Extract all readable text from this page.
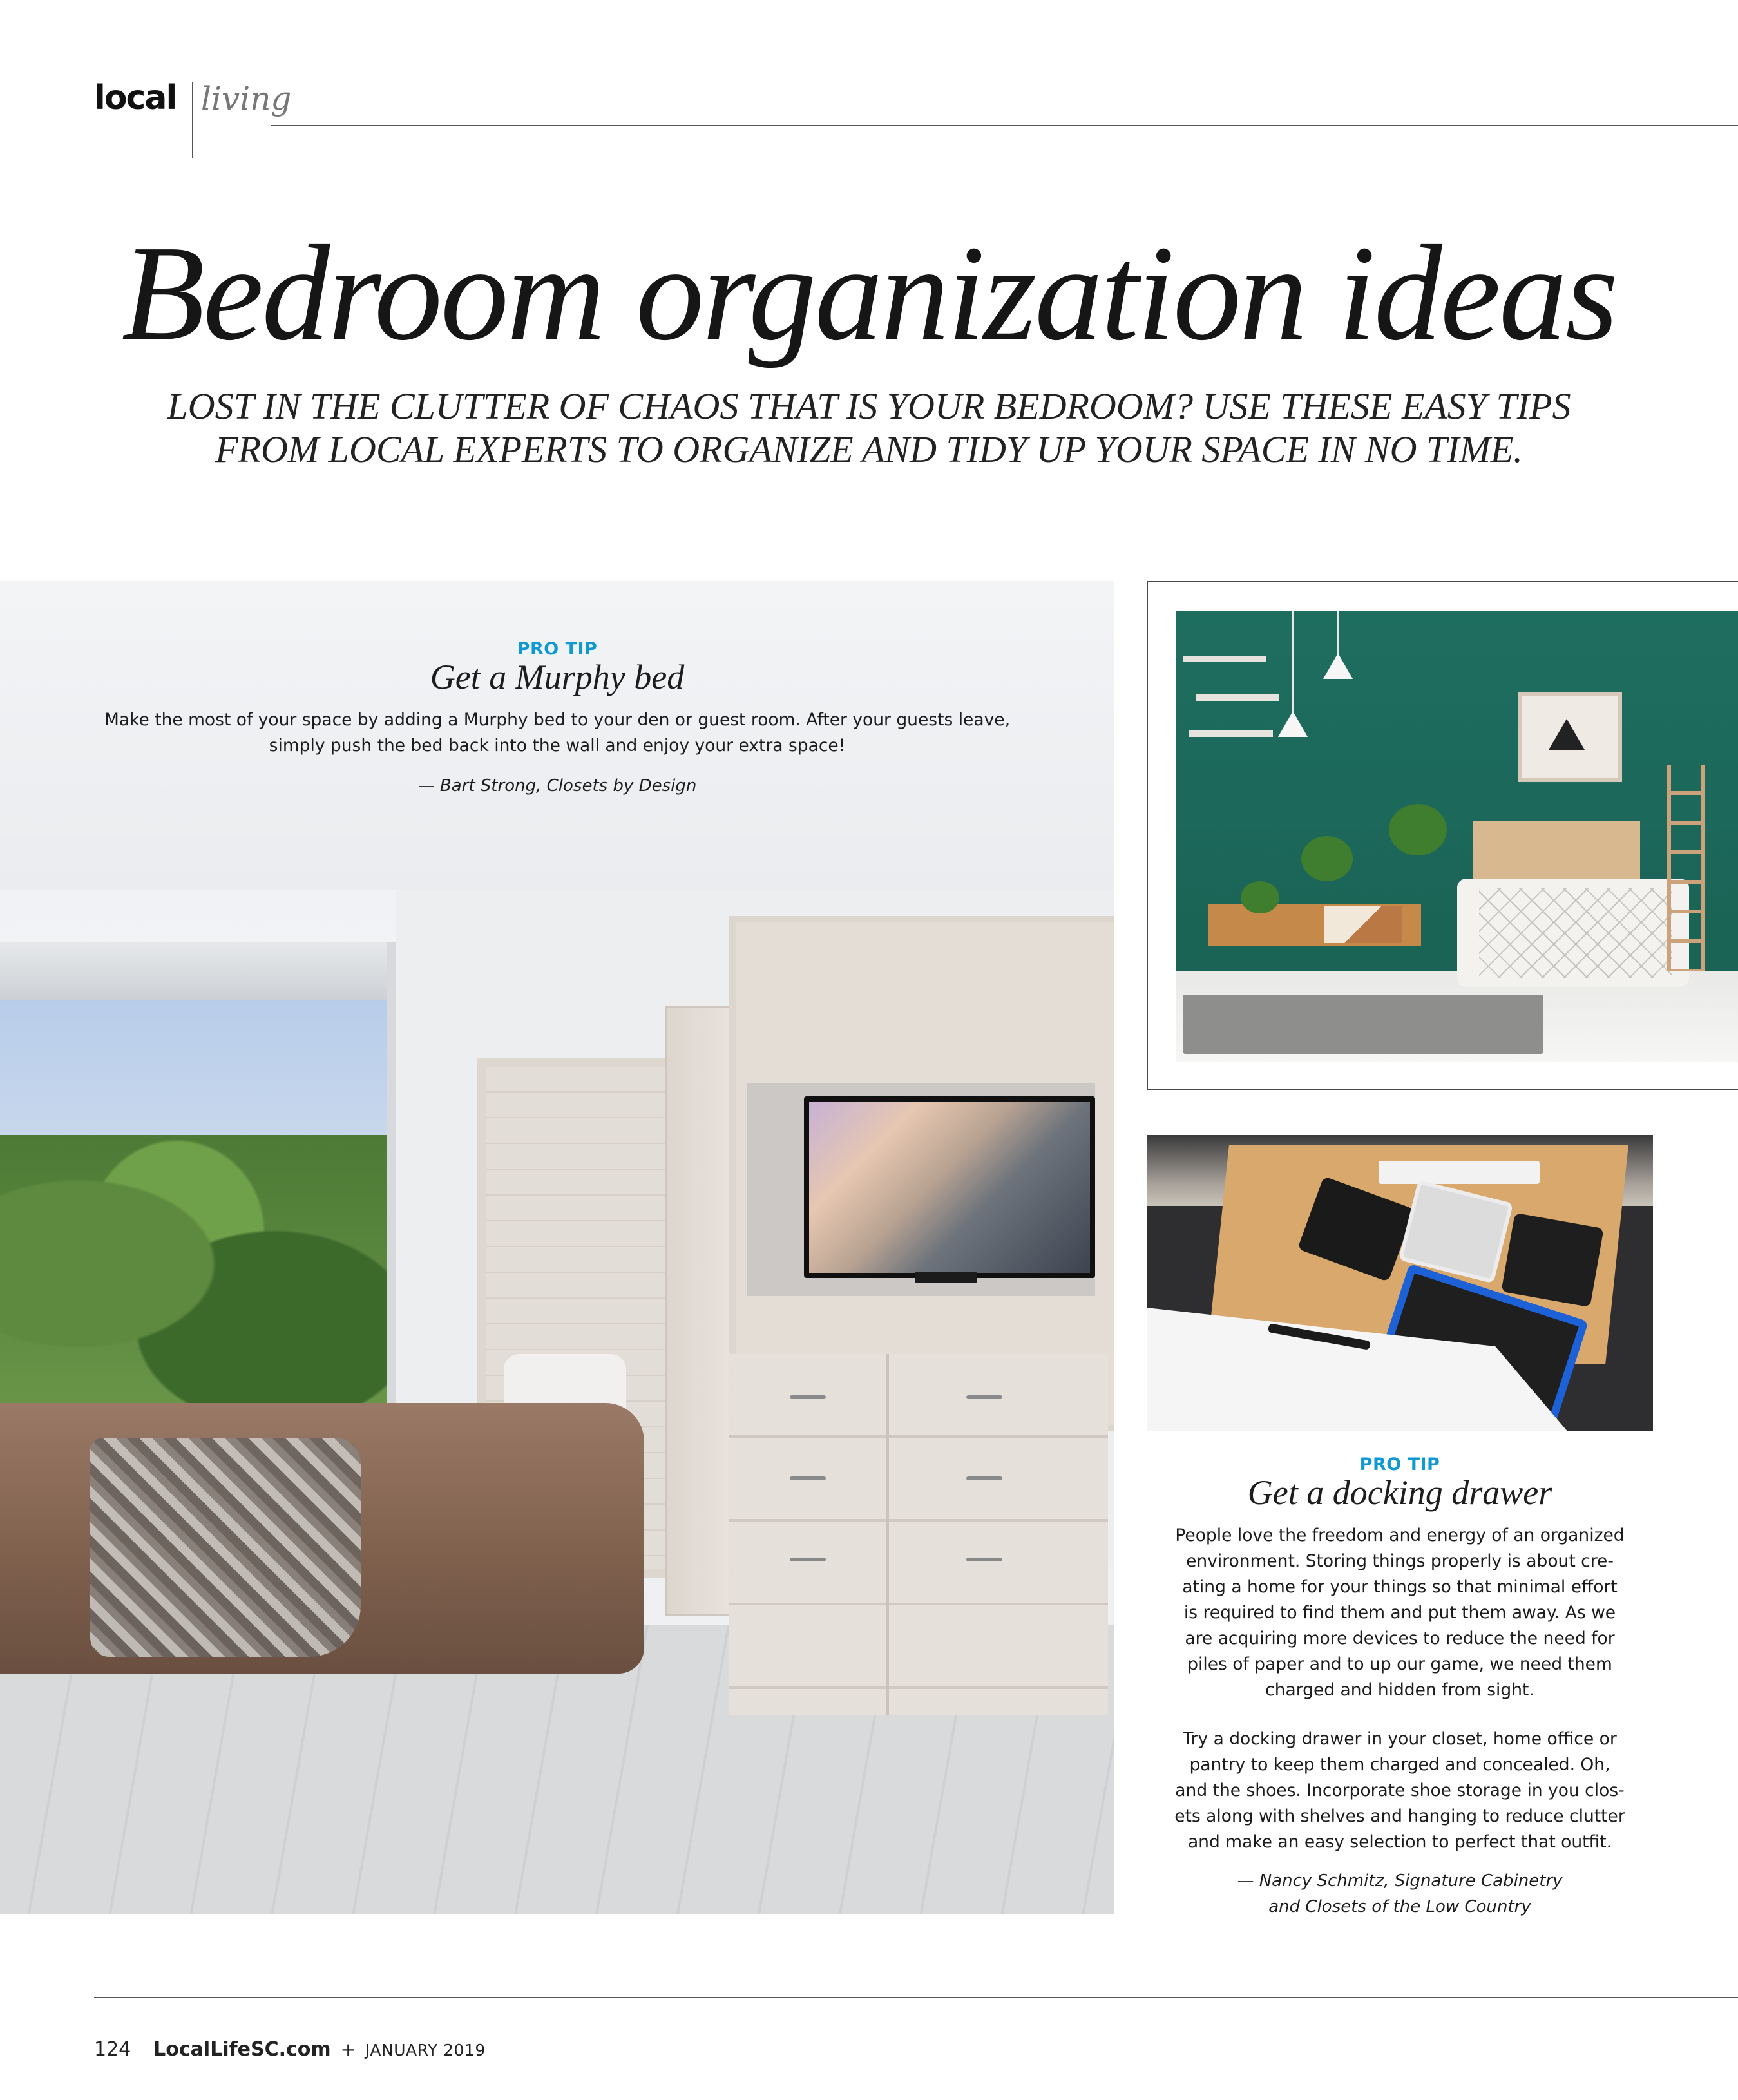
local living
Bedroom organization ideas
LOST IN THE CLUTTER OF CHAOS THAT IS YOUR BEDROOM? USE THESE EASY TIPS
FROM LOCAL EXPERTS TO ORGANIZE AND TIDY UP YOUR SPACE IN NO TIME.
PRO TIP
Get a Murphy bed
Make the most of your space by adding a Murphy bed to your den or guest room. After your guests leave,
simply push the bed back into the wall and enjoy your extra space!
— Bart Strong, Closets by Design
PRO TIP
Get a docking drawer
People love the freedom and energy of an organized
environment. Storing things properly is about cre-
ating a home for your things so that minimal effort
is required to find them and put them away. As we
are acquiring more devices to reduce the need for
piles of paper and to up our game, we need them
charged and hidden from sight.
Try a docking drawer in your closet, home office or
pantry to keep them charged and concealed. Oh,
and the shoes. Incorporate shoe storage in you clos-
ets along with shelves and hanging to reduce clutter
and make an easy selection to perfect that outfit.
— Nancy Schmitz, Signature Cabinetry
and Closets of the Low Country
124 LocalLifeSC.com + JANUARY 2019
